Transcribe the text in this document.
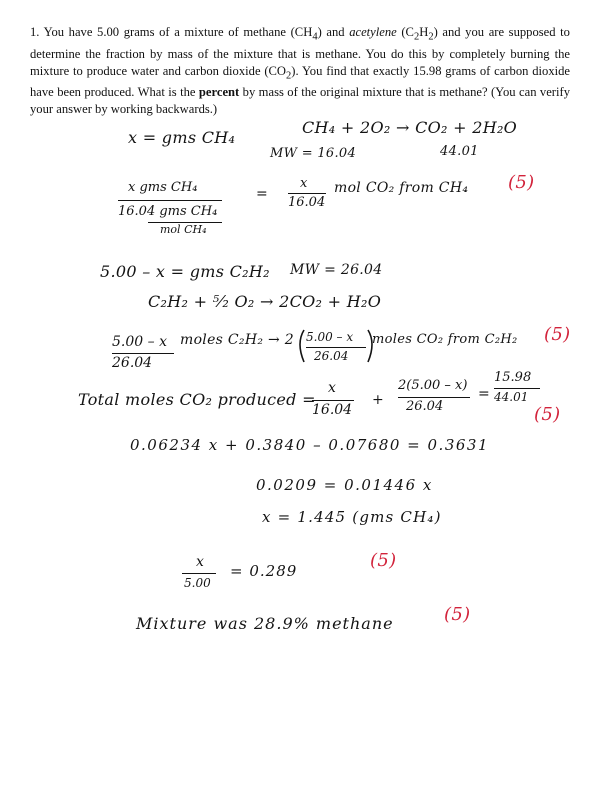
1. You have 5.00 grams of a mixture of methane $(CH_4)$ and acetylene $(C_2H_2)$ and you are supposed to determine the fraction by mass of the mixture that is methane. You do this by completely burning the mixture to produce water and carbon dioxide $(CO_2)$. You find that exactly 15.98 grams of carbon dioxide have been produced. What is the percent by mass of the original mixture that is methane? (You can verify your answer by working backwards.)
x = gms CH₄
CH₄ + 2O₂ → CO₂ + 2H₂O
MW = 16.04	44.01
x gms CH₄
16.04 gms CH₄
mol CH₄
=
x
16.04
mol CO₂ from CH₄ (5)
5.00 – x = gms C₂H₂ MW = 26.04
C₂H₂ + ⁵⁄₂ O₂ → 2CO₂ + H₂O
5.00 – x
26.04
moles C₂H₂ → 2 5.00 – x
26.04
moles CO₂ from C₂H₂ (5)
Total moles CO₂ produced =
x
16.04
+
2(5.00 – x)
26.04
=
15.98
44.01
(5)
0.06234 x + 0.3840 – 0.07680 = 0.3631
0.0209 = 0.01446 x
x = 1.445 (gms CH₄)
x
5.00
= 0.289	(5)
Mixture was 28.9% methane	(5)
